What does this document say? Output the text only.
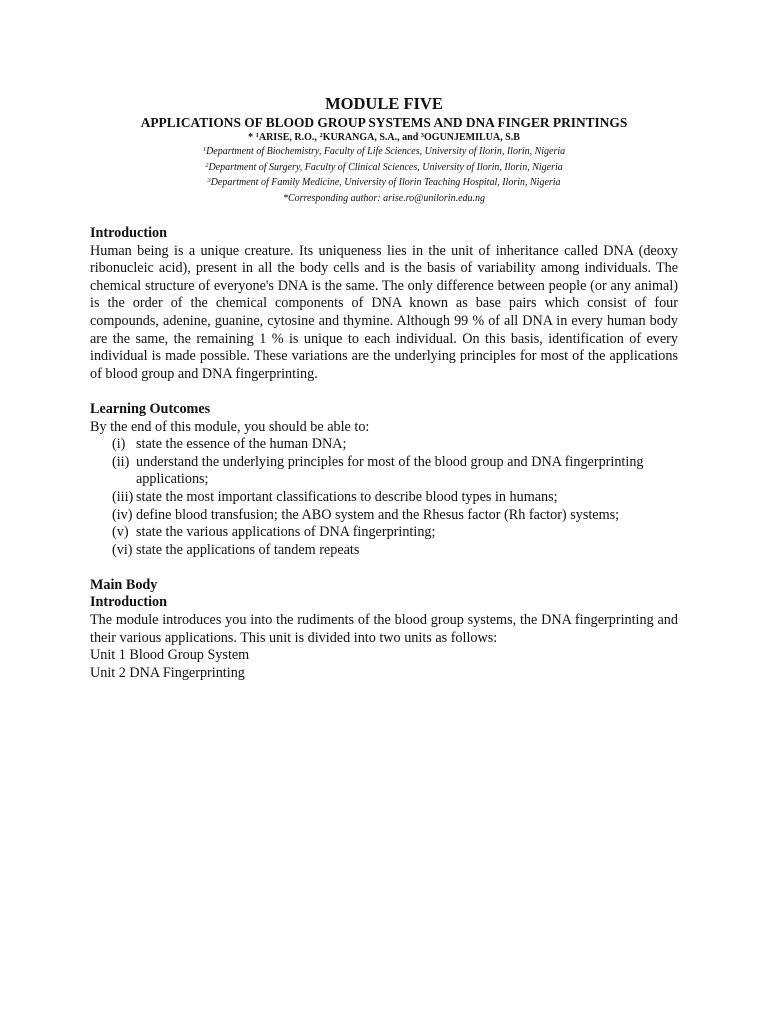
MODULE FIVE

APPLICATIONS OF BLOOD GROUP SYSTEMS AND DNA FINGER PRINTINGS

* $^1$ARISE, R.O., $^2$KURANGA, S.A., and $^3$OGUNJEMILUA, S.B

$^1$Department of Biochemistry, Faculty of Life Sciences, University of Ilorin, Ilorin, Nigeria

$^2$Department of Surgery, Faculty of Clinical Sciences, University of Ilorin, Ilorin, Nigeria

$^3$Department of Family Medicine, University of Ilorin Teaching Hospital, Ilorin, Nigeria

*Corresponding author: arise.ro@unilorin.edu.ng

Introduction

Human being is a unique creature. Its uniqueness lies in the unit of inheritance called DNA (deoxy ribonucleic acid), present in all the body cells and is the basis of variability among individuals. The chemical structure of everyone's DNA is the same. The only difference between people (or any animal) is the order of the chemical components of DNA known as base pairs which consist of four compounds, adenine, guanine, cytosine and thymine. Although 99 % of all DNA in every human body are the same, the remaining 1 % is unique to each individual. On this basis, identification of every individual is made possible. These variations are the underlying principles for most of the applications of blood group and DNA fingerprinting.

Learning Outcomes

By the end of this module, you should be able to:

(i) state the essence of the human DNA;
(ii) understand the underlying principles for most of the blood group and DNA fingerprinting applications;
(iii) state the most important classifications to describe blood types in humans;
(iv) define blood transfusion; the ABO system and the Rhesus factor (Rh factor) systems;
(v) state the various applications of DNA fingerprinting;
(vi) state the applications of tandem repeats

Main Body

Introduction

The module introduces you into the rudiments of the blood group systems, the DNA fingerprinting and their various applications. This unit is divided into two units as follows:

Unit 1 Blood Group System

Unit 2 DNA Fingerprinting
